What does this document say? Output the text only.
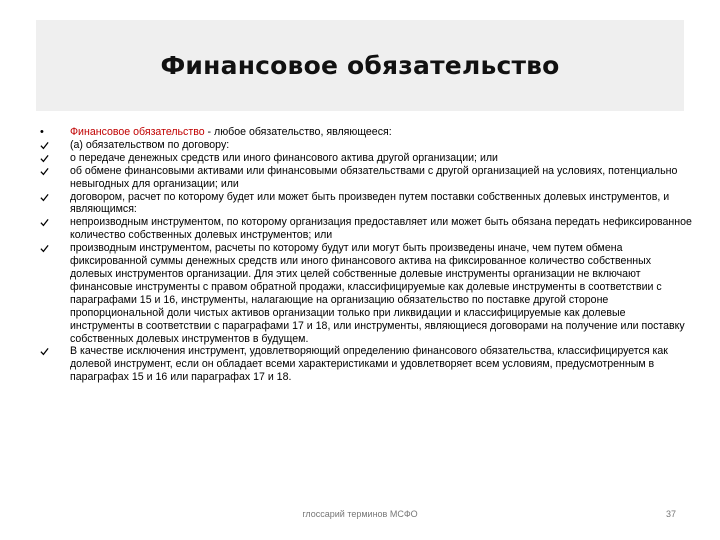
Финансовое обязательство
•	Финансовое обязательство - любое обязательство, являющееся:
(а) обязательством по договору:
о передаче денежных средств или иного финансового актива другой организации; или
об обмене финансовыми активами или финансовыми обязательствами с другой организацией на условиях, потенциально невыгодных для организации; или
договором, расчет по которому будет или может быть произведен путем поставки собственных долевых инструментов, и являющимся:
непроизводным инструментом, по которому организация предоставляет или может быть обязана передать нефиксированное количество собственных долевых инструментов; или
производным инструментом, расчеты по которому будут или могут быть произведены иначе, чем путем обмена фиксированной суммы денежных средств или иного финансового актива на фиксированное количество собственных долевых инструментов организации. Для этих целей собственные долевые инструменты организации не включают финансовые инструменты с правом обратной продажи, классифицируемые как долевые инструменты в соответствии с параграфами 15 и 16, инструменты, налагающие на организацию обязательство по поставке другой стороне пропорциональной доли чистых активов организации только при ликвидации и классифицируемые как долевые инструменты в соответствии с параграфами 17 и 18, или инструменты, являющиеся договорами на получение или поставку собственных долевых инструментов в будущем.
В качестве исключения инструмент, удовлетворяющий определению финансового обязательства, классифицируется как долевой инструмент, если он обладает всеми характеристиками и удовлетворяет всем условиям, предусмотренным в параграфах 15 и 16 или параграфах 17 и 18.
глоссарий терминов МСФО	37
